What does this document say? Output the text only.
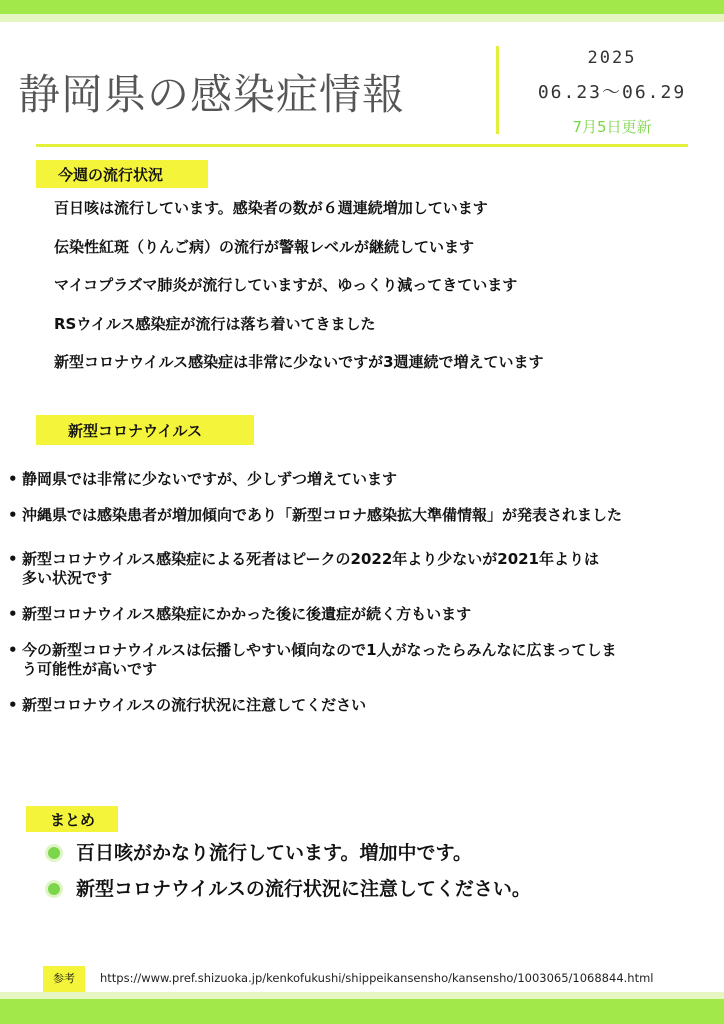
静岡県の感染症情報
2025
06.23～06.29
7月5日更新
今週の流行状況
百日咳は流行しています。感染者の数が６週連続増加しています
伝染性紅斑（りんご病）の流行が警報レベルが継続しています
マイコプラズマ肺炎が流行していますが、ゆっくり減ってきています
RSウイルス感染症が流行は落ち着いてきました
新型コロナウイルス感染症は非常に少ないですが3週連続で増えています
新型コロナウイルス
• 静岡県では非常に少ないですが、少しずつ増えています
• 沖縄県では感染患者が増加傾向であり「新型コロナ感染拡大準備情報」が発表されました
• 新型コロナウイルス感染症による死者はピークの2022年より少ないが2021年よりは
多い状況です
• 新型コロナウイルス感染症にかかった後に後遺症が続く方もいます
• 今の新型コロナウイルスは伝播しやすい傾向なので1人がなったらみんなに広まってしま
う可能性が高いです
• 新型コロナウイルスの流行状況に注意してください
まとめ
百日咳がかなり流行しています。増加中です。
新型コロナウイルスの流行状況に注意してください。
参考	https://www.pref.shizuoka.jp/kenkofukushi/shippeikansensho/kansensho/1003065/1068844.html
